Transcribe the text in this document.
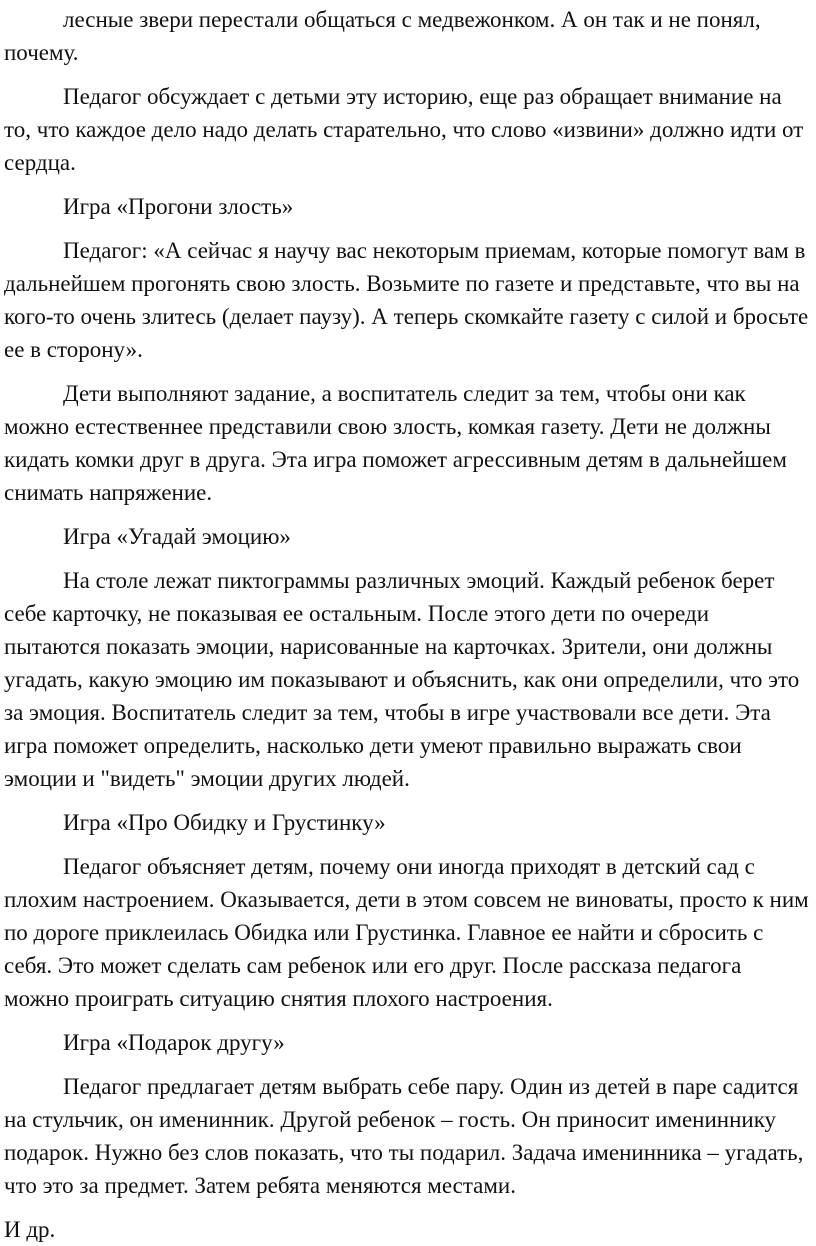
лесные звери перестали общаться с медвежонком. А он так и не понял, почему.

Педагог обсуждает с детьми эту историю, еще раз обращает внимание на то, что каждое дело надо делать старательно, что слово «извини» должно идти от сердца.

Игра «Прогони злость»

Педагог: «А сейчас я научу вас некоторым приемам, которые помогут вам в дальнейшем прогонять свою злость. Возьмите по газете и представьте, что вы на кого-то очень злитесь (делает паузу). А теперь скомкайте газету с силой и бросьте ее в сторону».

Дети выполняют задание, а воспитатель следит за тем, чтобы они как можно естественнее представили свою злость, комкая газету. Дети не должны кидать комки друг в друга. Эта игра поможет агрессивным детям в дальнейшем снимать напряжение.

Игра «Угадай эмоцию»

На столе лежат пиктограммы различных эмоций. Каждый ребенок берет себе карточку, не показывая ее остальным. После этого дети по очереди пытаются показать эмоции, нарисованные на карточках. Зрители, они должны угадать, какую эмоцию им показывают и объяснить, как они определили, что это за эмоция. Воспитатель следит за тем, чтобы в игре участвовали все дети. Эта игра поможет определить, насколько дети умеют правильно выражать свои эмоции и "видеть" эмоции других людей.

Игра «Про Обидку и Грустинку»

Педагог объясняет детям, почему они иногда приходят в детский сад с плохим настроением. Оказывается, дети в этом совсем не виноваты, просто к ним по дороге приклеилась Обидка или Грустинка. Главное ее найти и сбросить с себя. Это может сделать сам ребенок или его друг. После рассказа педагога можно проиграть ситуацию снятия плохого настроения.

Игра «Подарок другу»

Педагог предлагает детям выбрать себе пару. Один из детей в паре садится на стульчик, он именинник. Другой ребенок – гость. Он приносит имениннику подарок. Нужно без слов показать, что ты подарил. Задача именинника – угадать, что это за предмет. Затем ребята меняются местами.

И др.
